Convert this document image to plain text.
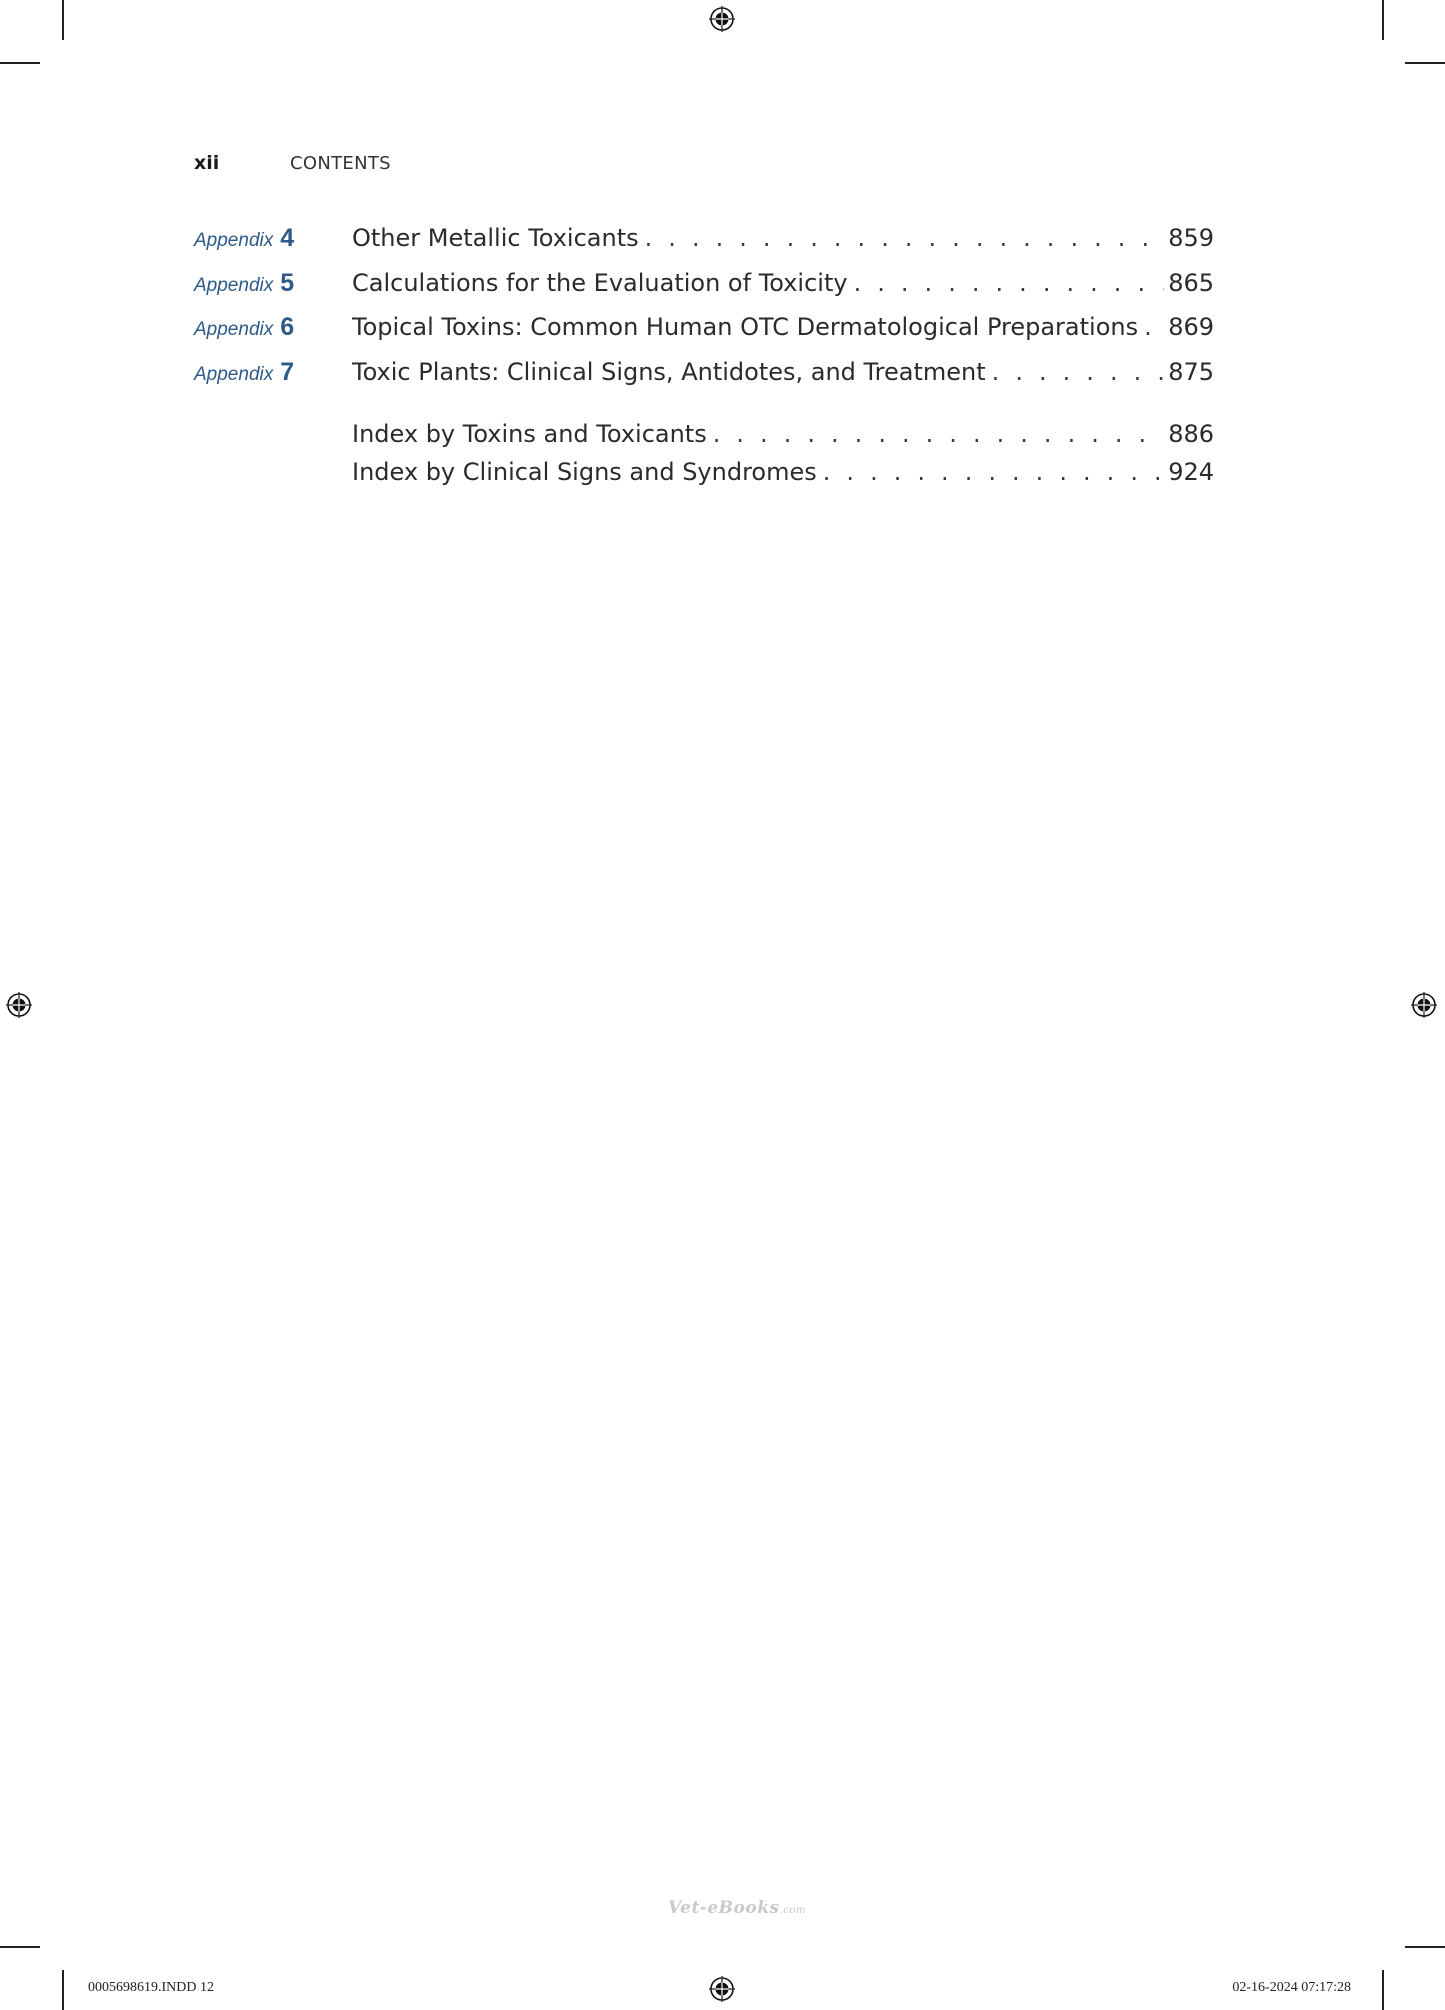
xii	CONTENTS
Appendix 4 Other Metallic Toxicants . . .	859
Appendix 5 Calculations for the Evaluation of Toxicity . . .	865
Appendix 6 Topical Toxins: Common Human OTC Dermatological Preparations . . . 869
Appendix 7 Toxic Plants: Clinical Signs, Antidotes, and Treatment . . .	875
Index by Toxins and Toxicants . . .	886
Index by Clinical Signs and Syndromes . . .	924
Vet-eBooks.com
0005698619.INDD 12	02-16-2024 07:17:28
